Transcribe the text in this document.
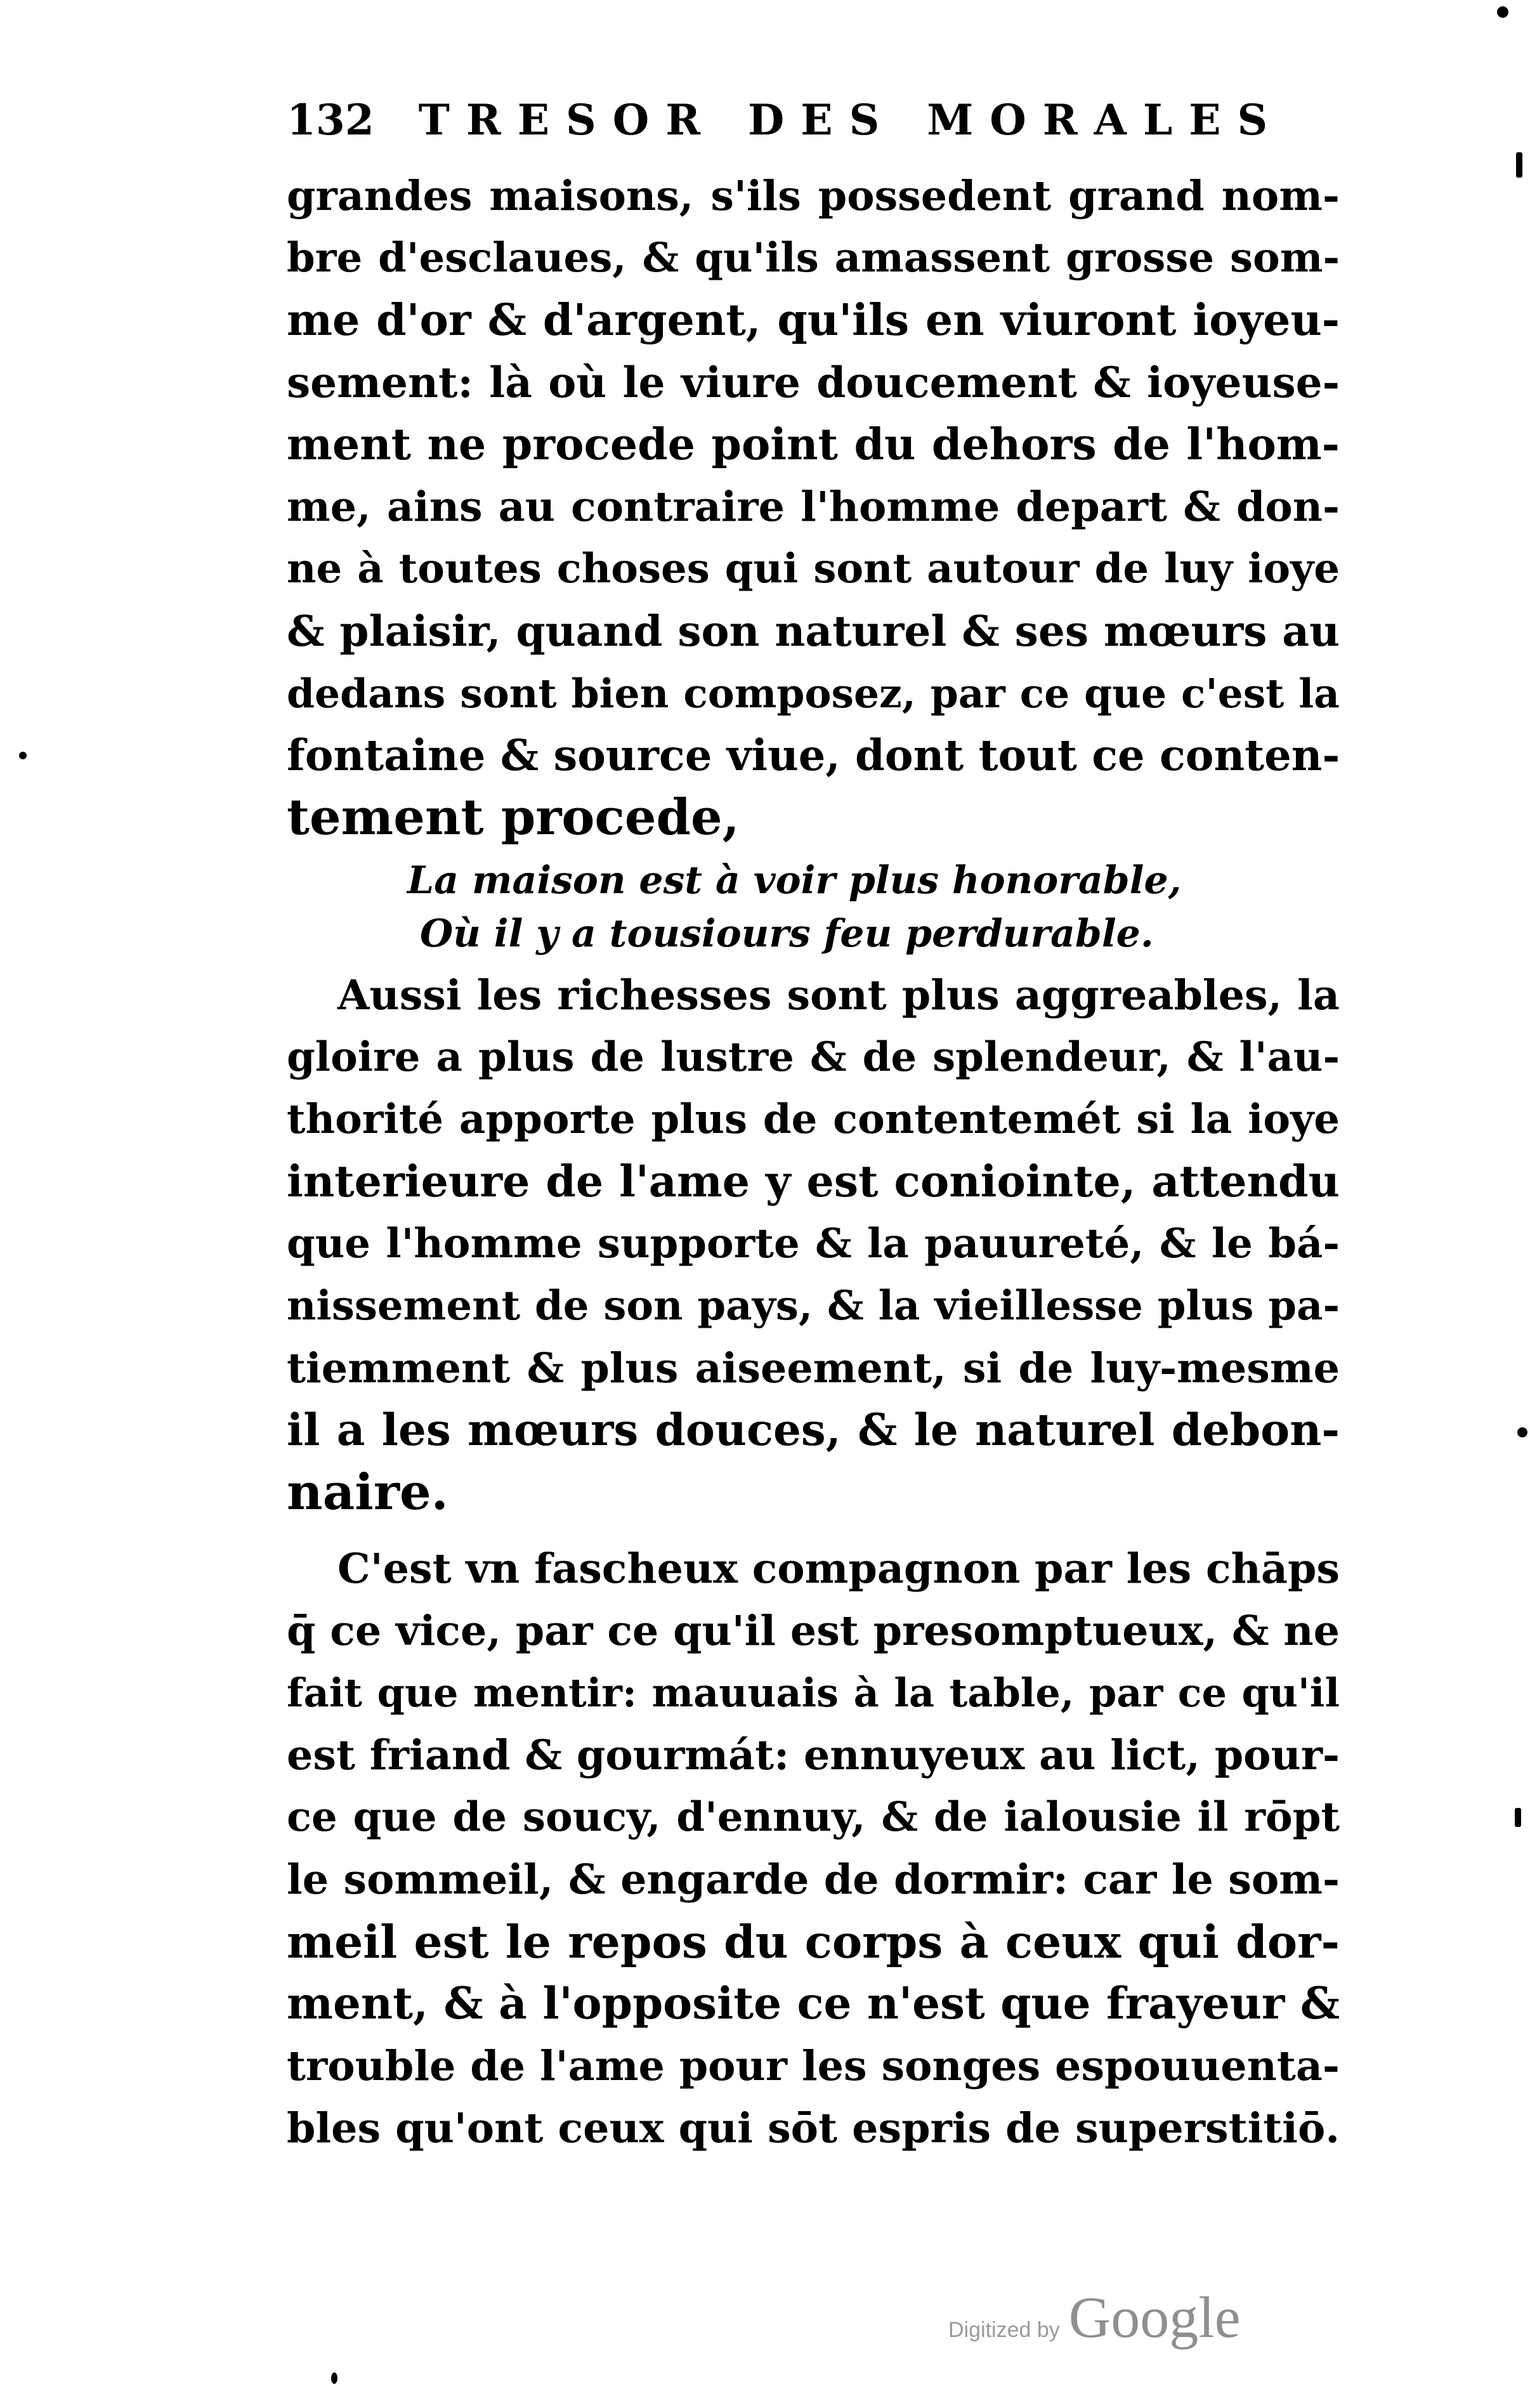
132 TRESOR DES MORALES
grandes maisons, s'ils possedent grand nom-
bre d'esclaues, & qu'ils amassent grosse som-
me d'or & d'argent, qu'ils en viuront ioyeu-
sement: là où le viure doucement & ioyeuse-
ment ne procede point du dehors de l'hom-
me, ains au contraire l'homme depart & don-
ne à toutes choses qui sont autour de luy ioye
& plaisir, quand son naturel & ses mœurs au
dedans sont bien composez, par ce que c'est la
fontaine & source viue, dont tout ce conten-
tement procede,
La maison est à voir plus honorable,
Où il y a tousiours feu perdurable.
Aussi les richesses sont plus aggreables, la
gloire a plus de lustre & de splendeur, & l'au-
thorité apporte plus de contentemét si la ioye
interieure de l'ame y est coniointe, attendu
que l'homme supporte & la pauureté, & le bá-
nissement de son pays, & la vieillesse plus pa-
tiemment & plus aiseement, si de luy-mesme
il a les mœurs douces, & le naturel debon-
naire.
C'est vn fascheux compagnon par les chāps
q̄ ce vice, par ce qu'il est presomptueux, & ne
fait que mentir: mauuais à la table, par ce qu'il
est friand & gourmát: ennuyeux au lict, pour-
ce que de soucy, d'ennuy, & de ialousie il rōpt
le sommeil, & engarde de dormir: car le som-
meil est le repos du corps à ceux qui dor-
ment, & à l'opposite ce n'est que frayeur &
trouble de l'ame pour les songes espouuenta-
bles qu'ont ceux qui sōt espris de superstitiō.
Digitized by Google
